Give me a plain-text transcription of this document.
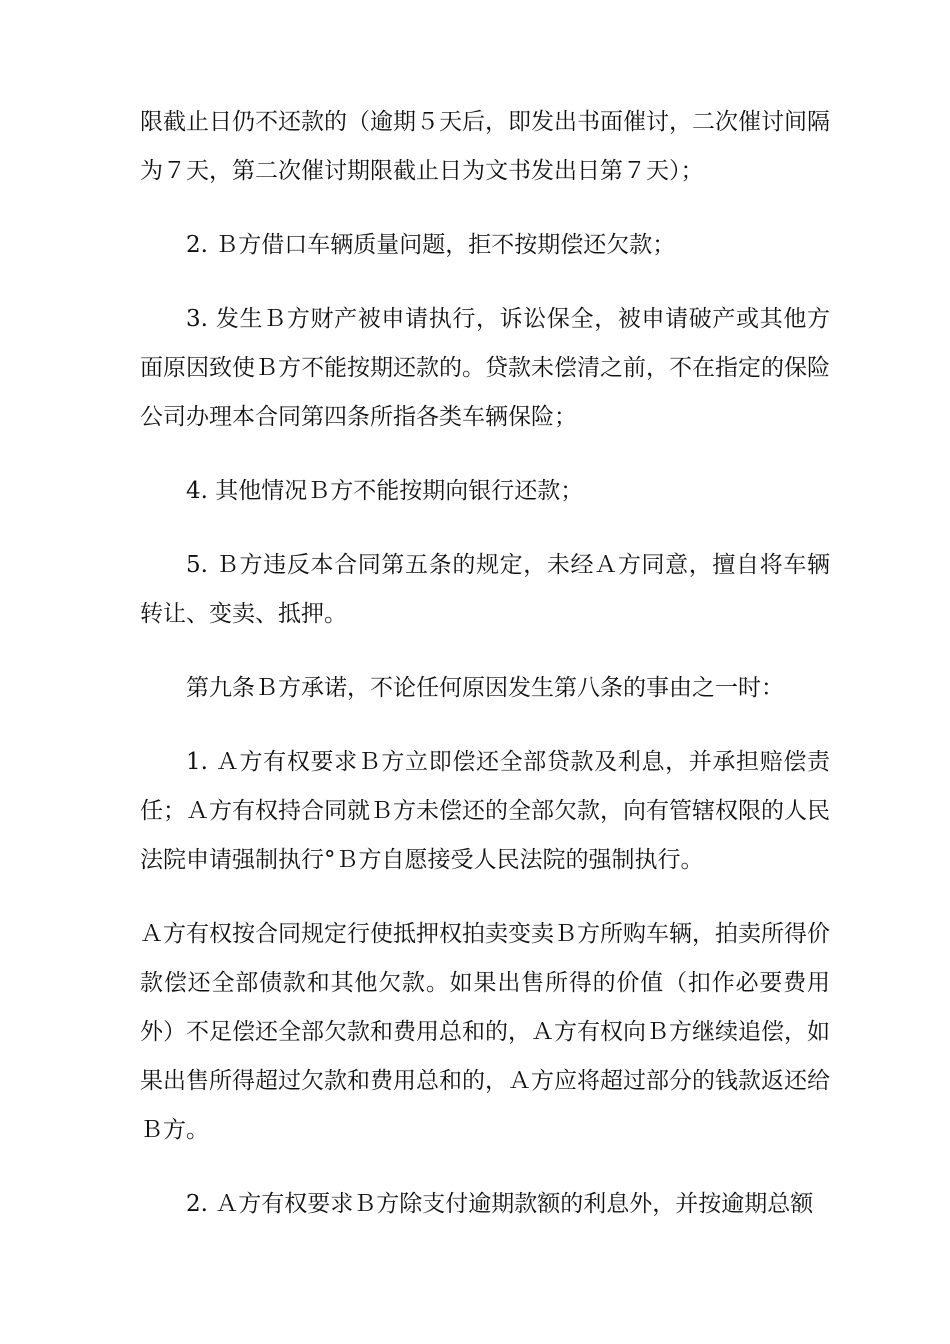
限截止日仍不还款的（逾期５天后，即发出书面催讨，二次催讨间隔为７天，第二次催讨期限截止日为文书发出日第７天）；

2. Ｂ方借口车辆质量问题，拒不按期偿还欠款；

3. 发生Ｂ方财产被申请执行，诉讼保全，被申请破产或其他方面原因致使Ｂ方不能按期还款的。贷款未偿清之前，不在指定的保险公司办理本合同第四条所指各类车辆保险；

4. 其他情况Ｂ方不能按期向银行还款；

5. Ｂ方违反本合同第五条的规定，未经Ａ方同意，擅自将车辆转让、变卖、抵押。

第九条Ｂ方承诺，不论任何原因发生第八条的事由之一时：

1. Ａ方有权要求Ｂ方立即偿还全部贷款及利息，并承担赔偿责任；Ａ方有权持合同就Ｂ方未偿还的全部欠款，向有管辖权限的人民法院申请强制执行°Ｂ方自愿接受人民法院的强制执行。

Ａ方有权按合同规定行使抵押权拍卖变卖Ｂ方所购车辆，拍卖所得价款偿还全部债款和其他欠款。如果出售所得的价值（扣作必要费用外）不足偿还全部欠款和费用总和的，Ａ方有权向Ｂ方继续追偿，如果出售所得超过欠款和费用总和的，Ａ方应将超过部分的钱款返还给Ｂ方。

2. Ａ方有权要求Ｂ方除支付逾期款额的利息外，并按逾期总额
